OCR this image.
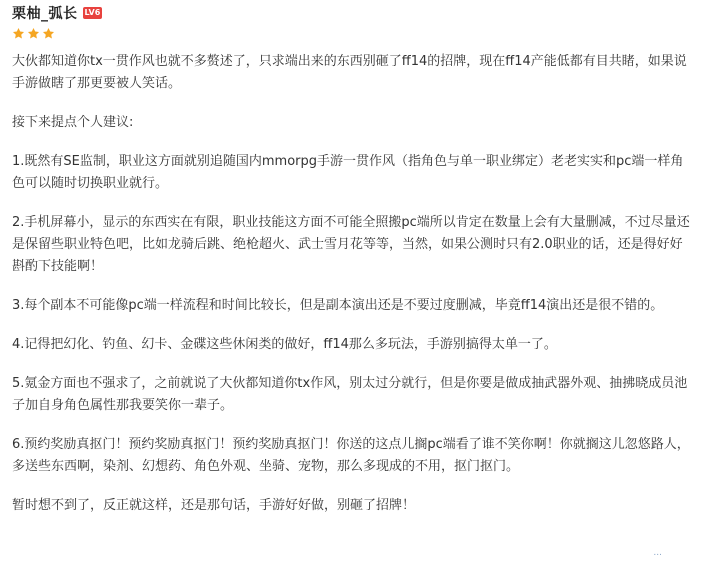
栗柚_弧长 LV6

大伙都知道你tx一贯作风也就不多赘述了，只求端出来的东西别砸了ff14的招牌，现在ff14产能低都有目共睹，如果说手游做瞎了那更要被人笑话。

接下来提点个人建议:

1.既然有SE监制，职业这方面就别追随国内mmorpg手游一贯作风（指角色与单一职业绑定）老老实实和pc端一样角色可以随时切换职业就行。

2.手机屏幕小，显示的东西实在有限，职业技能这方面不可能全照搬pc端所以肯定在数量上会有大量删减，不过尽量还是保留些职业特色吧，比如龙骑后跳、绝枪超火、武士雪月花等等，当然，如果公测时只有2.0职业的话，还是得好好斟酌下技能啊！

3.每个副本不可能像pc端一样流程和时间比较长，但是副本演出还是不要过度删减，毕竟ff14演出还是很不错的。

4.记得把幻化、钓鱼、幻卡、金碟这些休闲类的做好，ff14那么多玩法，手游别搞得太单一了。

5.氪金方面也不强求了，之前就说了大伙都知道你tx作风，别太过分就行，但是你要是做成抽武器外观、抽拂晓成员池子加自身角色属性那我要笑你一辈子。

6.预约奖励真抠门！预约奖励真抠门！预约奖励真抠门！你送的这点儿搁pc端看了谁不笑你啊！你就搁这儿忽悠路人，多送些东西啊，染剂、幻想药、角色外观、坐骑、宠物，那么多现成的不用，抠门抠门。

暂时想不到了，反正就这样，还是那句话，手游好好做，别砸了招牌！

...
